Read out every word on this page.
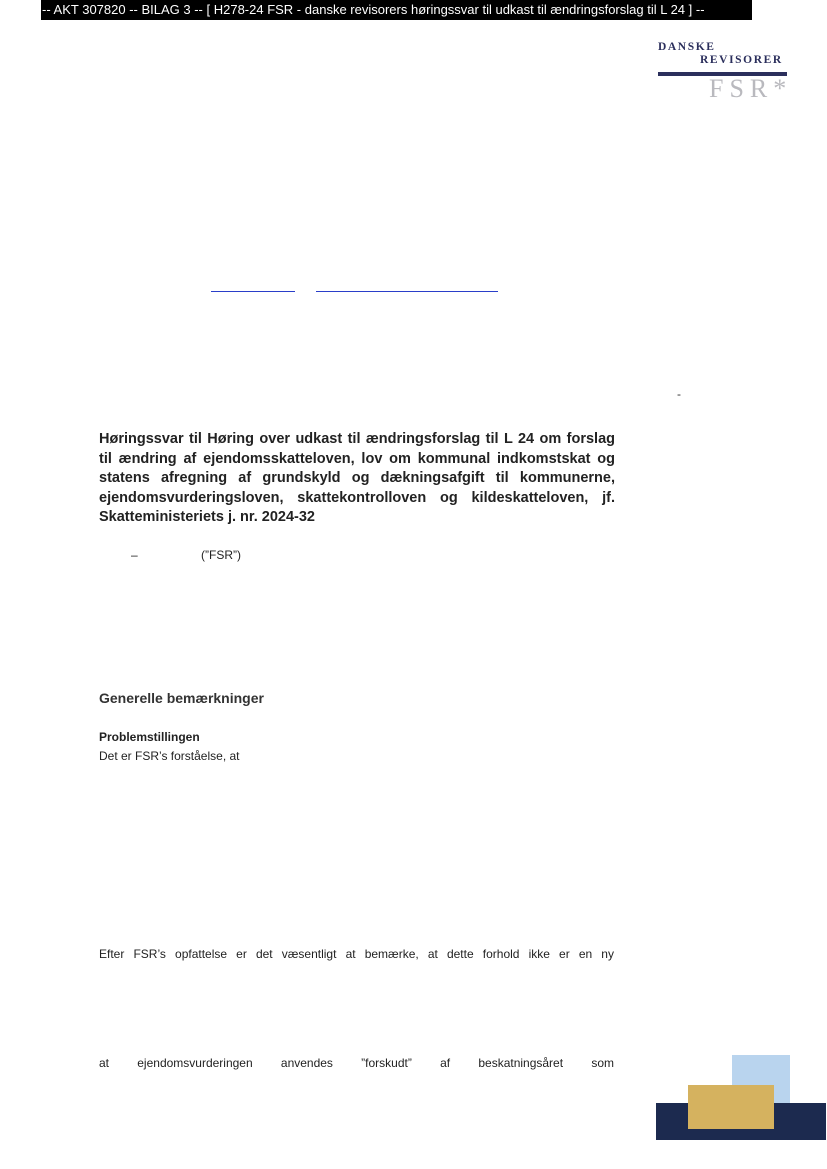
-- AKT 307820 -- BILAG 3 -- [ H278-24 FSR - danske revisorers høringssvar til udkast til ændringsforslag til L 24 ] --
DANSKE
REVISORER
FSR*
-
Høringssvar til Høring over udkast til ændringsforslag til L 24 om forslag til ændring af ejendomsskatteloven, lov om kommunal indkomstskat og statens afregning af grundskyld og dækningsafgift til kommunerne, ejendomsvurderingsloven, skattekontrolloven og kildeskatteloven, jf. Skatteministeriets j. nr. 2024-32
–	(”FSR”)
Generelle bemærkninger
Problemstillingen
Det er FSR’s forståelse, at
Efter FSR’s opfattelse er det væsentligt at bemærke, at dette forhold ikke er en ny
at ejendomsvurderingen anvendes ”forskudt” af beskatningsåret som
